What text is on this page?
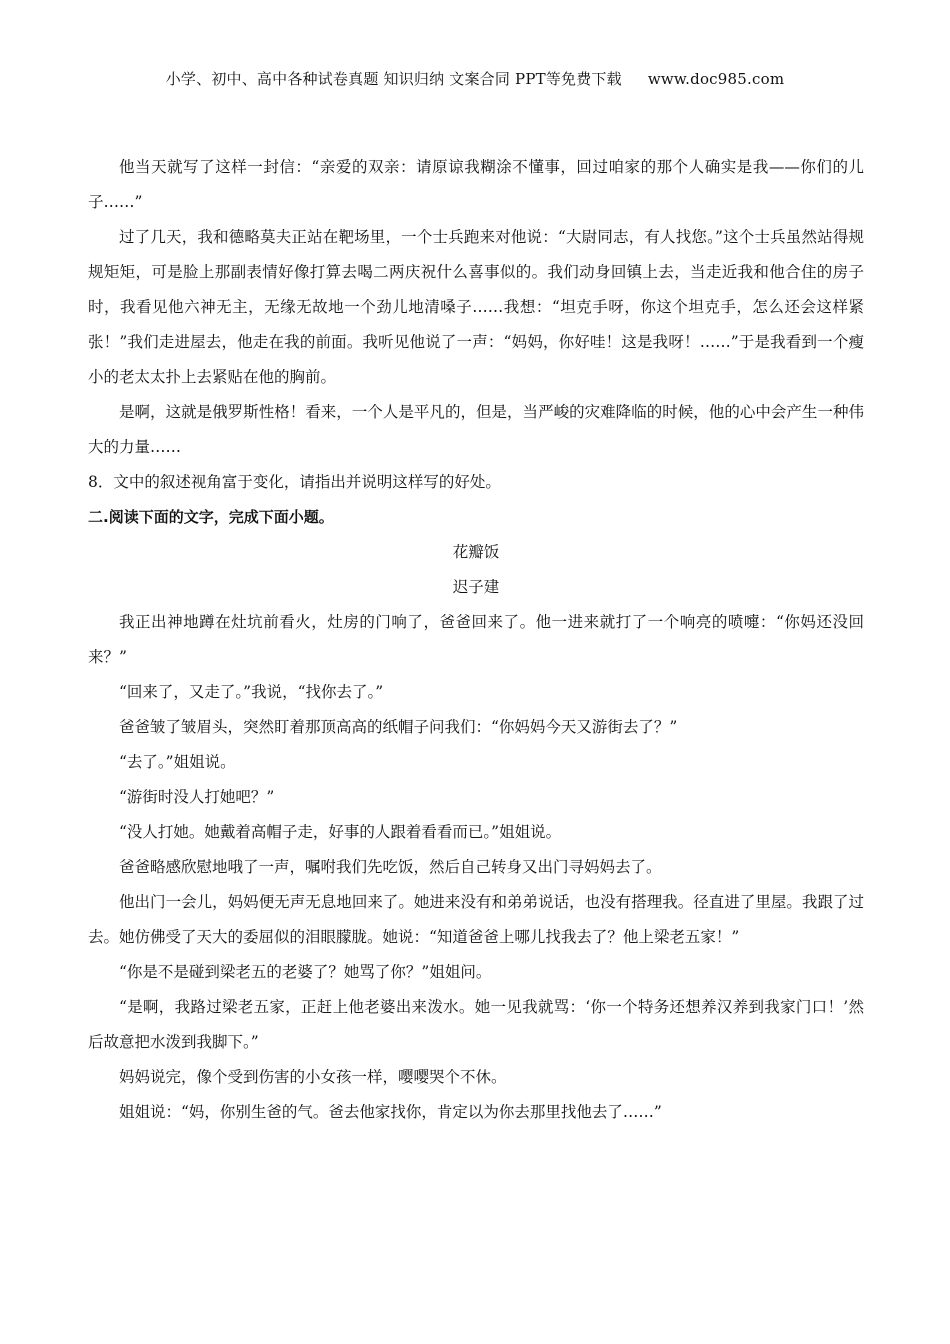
小学、初中、高中各种试卷真题 知识归纳 文案合同 PPT等免费下载 www.doc985.com

他当天就写了这样一封信：“亲爱的双亲：请原谅我糊涂不懂事，回过咱家的那个人确实是我——你们的儿子……”

过了几天，我和德略莫夫正站在靶场里，一个士兵跑来对他说：“大尉同志，有人找您。”这个士兵虽然站得规规矩矩，可是脸上那副表情好像打算去喝二两庆祝什么喜事似的。我们动身回镇上去，当走近我和他合住的房子时，我看见他六神无主，无缘无故地一个劲儿地清嗓子……我想：“坦克手呀，你这个坦克手，怎么还会这样紧张！”我们走进屋去，他走在我的前面。我听见他说了一声：“妈妈，你好哇！这是我呀！……”于是我看到一个瘦小的老太太扑上去紧贴在他的胸前。

是啊，这就是俄罗斯性格！看来，一个人是平凡的，但是，当严峻的灾难降临的时候，他的心中会产生一种伟大的力量……

8．文中的叙述视角富于变化，请指出并说明这样写的好处。

二.阅读下面的文字，完成下面小题。

花瓣饭

迟子建

我正出神地蹲在灶坑前看火，灶房的门响了，爸爸回来了。他一进来就打了一个响亮的喷嚏：“你妈还没回来？”

“回来了，又走了。”我说，“找你去了。”

爸爸皱了皱眉头，突然盯着那顶高高的纸帽子问我们：“你妈妈今天又游街去了？”

“去了。”姐姐说。

“游街时没人打她吧？”

“没人打她。她戴着高帽子走，好事的人跟着看看而已。”姐姐说。

爸爸略感欣慰地哦了一声，嘱咐我们先吃饭，然后自己转身又出门寻妈妈去了。

他出门一会儿，妈妈便无声无息地回来了。她进来没有和弟弟说话，也没有搭理我。径直进了里屋。我跟了过去。她仿佛受了天大的委屈似的泪眼朦胧。她说：“知道爸爸上哪儿找我去了？他上梁老五家！”

“你是不是碰到梁老五的老婆了？她骂了你？”姐姐问。

“是啊，我路过梁老五家，正赶上他老婆出来泼水。她一见我就骂：‘你一个特务还想养汉养到我家门口！’然后故意把水泼到我脚下。”

妈妈说完，像个受到伤害的小女孩一样，嘤嘤哭个不休。

姐姐说：“妈，你别生爸的气。爸去他家找你，肯定以为你去那里找他去了……”
